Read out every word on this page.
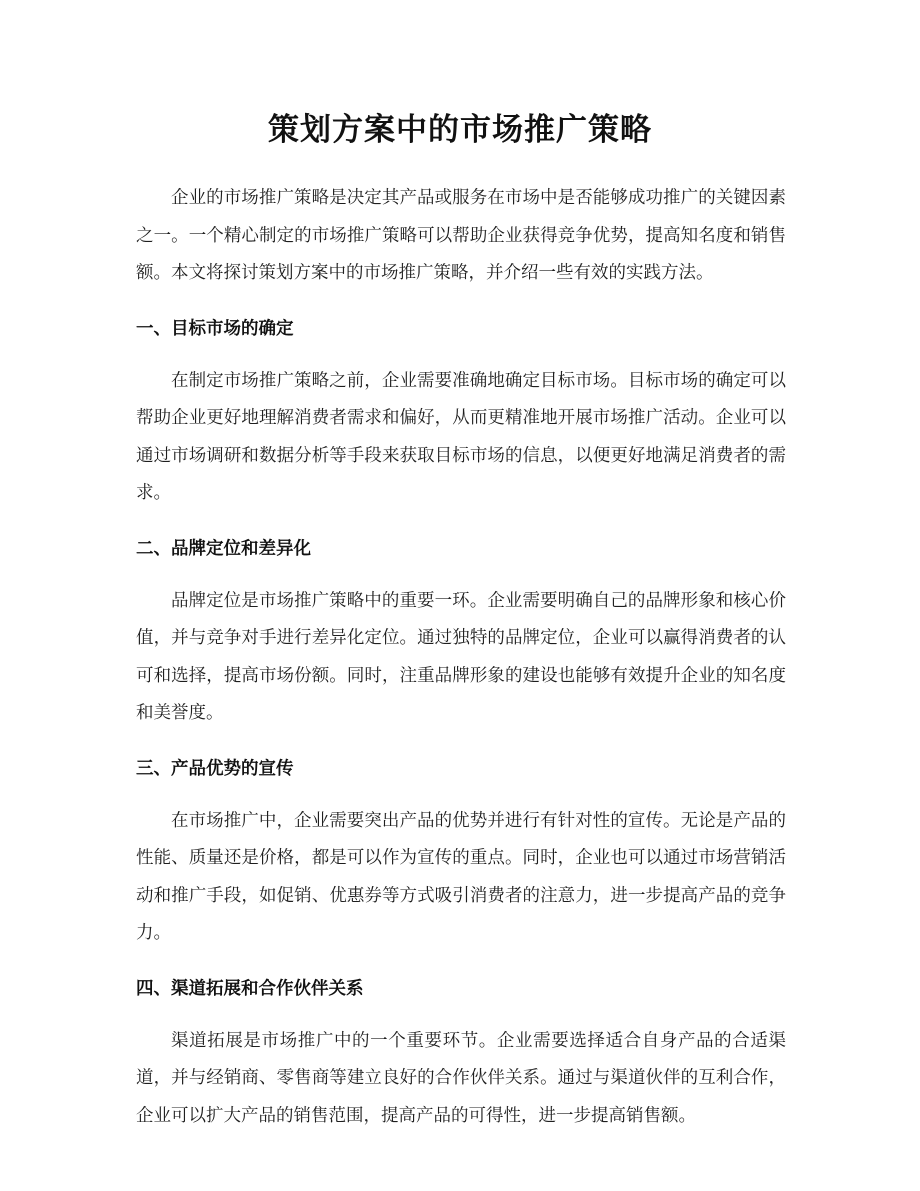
策划方案中的市场推广策略

企业的市场推广策略是决定其产品或服务在市场中是否能够成功推广的关键因素之一。一个精心制定的市场推广策略可以帮助企业获得竞争优势，提高知名度和销售额。本文将探讨策划方案中的市场推广策略，并介绍一些有效的实践方法。

一、目标市场的确定

在制定市场推广策略之前，企业需要准确地确定目标市场。目标市场的确定可以帮助企业更好地理解消费者需求和偏好，从而更精准地开展市场推广活动。企业可以通过市场调研和数据分析等手段来获取目标市场的信息，以便更好地满足消费者的需求。

二、品牌定位和差异化

品牌定位是市场推广策略中的重要一环。企业需要明确自己的品牌形象和核心价值，并与竞争对手进行差异化定位。通过独特的品牌定位，企业可以赢得消费者的认可和选择，提高市场份额。同时，注重品牌形象的建设也能够有效提升企业的知名度和美誉度。

三、产品优势的宣传

在市场推广中，企业需要突出产品的优势并进行有针对性的宣传。无论是产品的性能、质量还是价格，都是可以作为宣传的重点。同时，企业也可以通过市场营销活动和推广手段，如促销、优惠券等方式吸引消费者的注意力，进一步提高产品的竞争力。

四、渠道拓展和合作伙伴关系

渠道拓展是市场推广中的一个重要环节。企业需要选择适合自身产品的合适渠道，并与经销商、零售商等建立良好的合作伙伴关系。通过与渠道伙伴的互利合作，企业可以扩大产品的销售范围，提高产品的可得性，进一步提高销售额。
